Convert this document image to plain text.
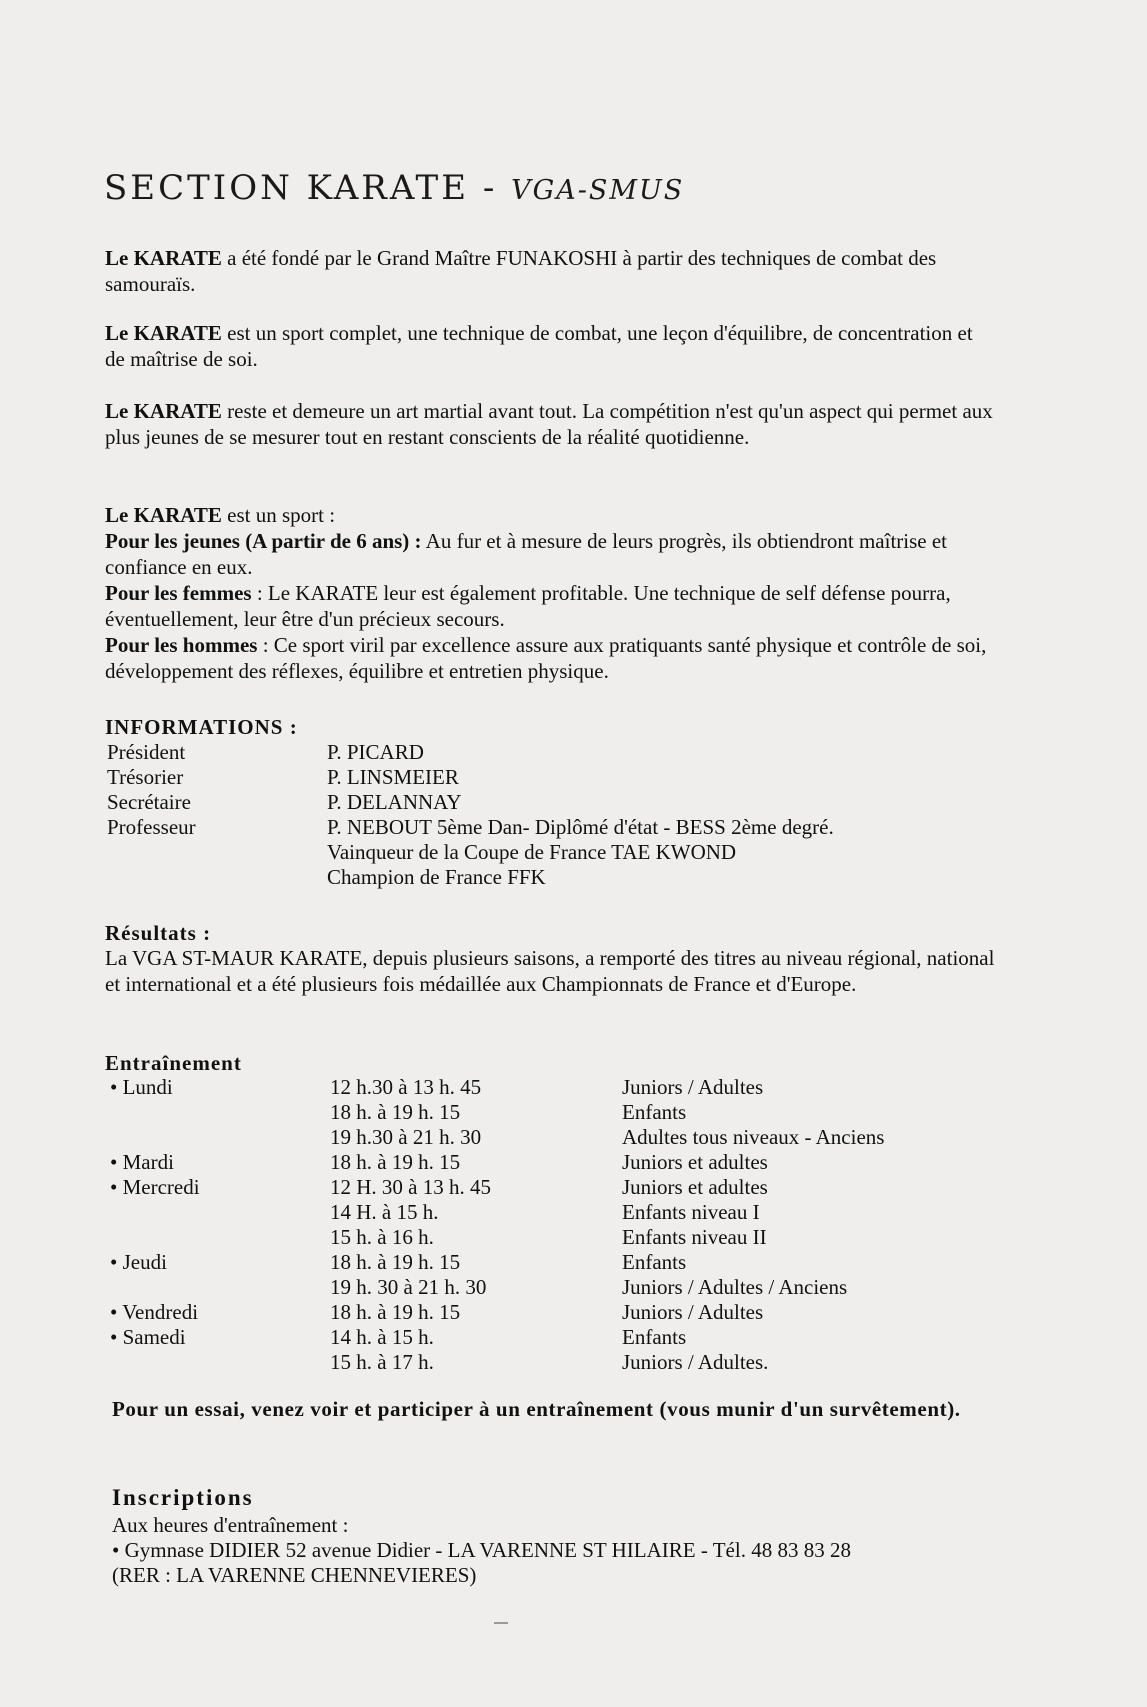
SECTION KARATE - VGA-SMUS
Le KARATE a été fondé par le Grand Maître FUNAKOSHI à partir des techniques de combat des samouraïs.
Le KARATE est un sport complet, une technique de combat, une leçon d'équilibre, de concentration et de maîtrise de soi.
Le KARATE reste et demeure un art martial avant tout. La compétition n'est qu'un aspect qui permet aux plus jeunes de se mesurer tout en restant conscients de la réalité quotidienne.
Le KARATE est un sport :
Pour les jeunes (A partir de 6 ans) : Au fur et à mesure de leurs progrès, ils obtiendront maîtrise et confiance en eux.
Pour les femmes : Le KARATE leur est également profitable. Une technique de self défense pourra, éventuellement, leur être d'un précieux secours.
Pour les hommes : Ce sport viril par excellence assure aux pratiquants santé physique et contrôle de soi, développement des réflexes, équilibre et entretien physique.
INFORMATIONS :
Président	P. PICARD
Trésorier	P. LINSMEIER
Secrétaire	P. DELANNAY
Professeur	P. NEBOUT 5ème Dan- Diplômé d'état - BESS 2ème degré.
Vainqueur de la Coupe de France TAE KWOND
Champion de France FFK
Résultats :
La VGA ST-MAUR KARATE, depuis plusieurs saisons, a remporté des titres au niveau régional, national et international et a été plusieurs fois médaillée aux Championnats de France et d'Europe.
Entraînement
• Lundi	12 h.30 à 13 h. 45	Juniors / Adultes
18 h. à 19 h. 15	Enfants
19 h.30 à 21 h. 30	Adultes tous niveaux - Anciens
• Mardi	18 h. à 19 h. 15	Juniors et adultes
• Mercredi	12 H. 30 à 13 h. 45	Juniors et adultes
14 H. à 15 h.	Enfants niveau I
15 h. à 16 h.	Enfants niveau II
• Jeudi	18 h. à 19 h. 15	Enfants
19 h. 30 à 21 h. 30	Juniors / Adultes / Anciens
• Vendredi	18 h. à 19 h. 15	Juniors / Adultes
• Samedi	14 h. à 15 h.	Enfants
15 h. à 17 h.	Juniors / Adultes.
Pour un essai, venez voir et participer à un entraînement (vous munir d'un survêtement).
Inscriptions
Aux heures d'entraînement :
• Gymnase DIDIER 52 avenue Didier - LA VARENNE ST HILAIRE - Tél. 48 83 83 28
(RER : LA VARENNE CHENNEVIERES)
